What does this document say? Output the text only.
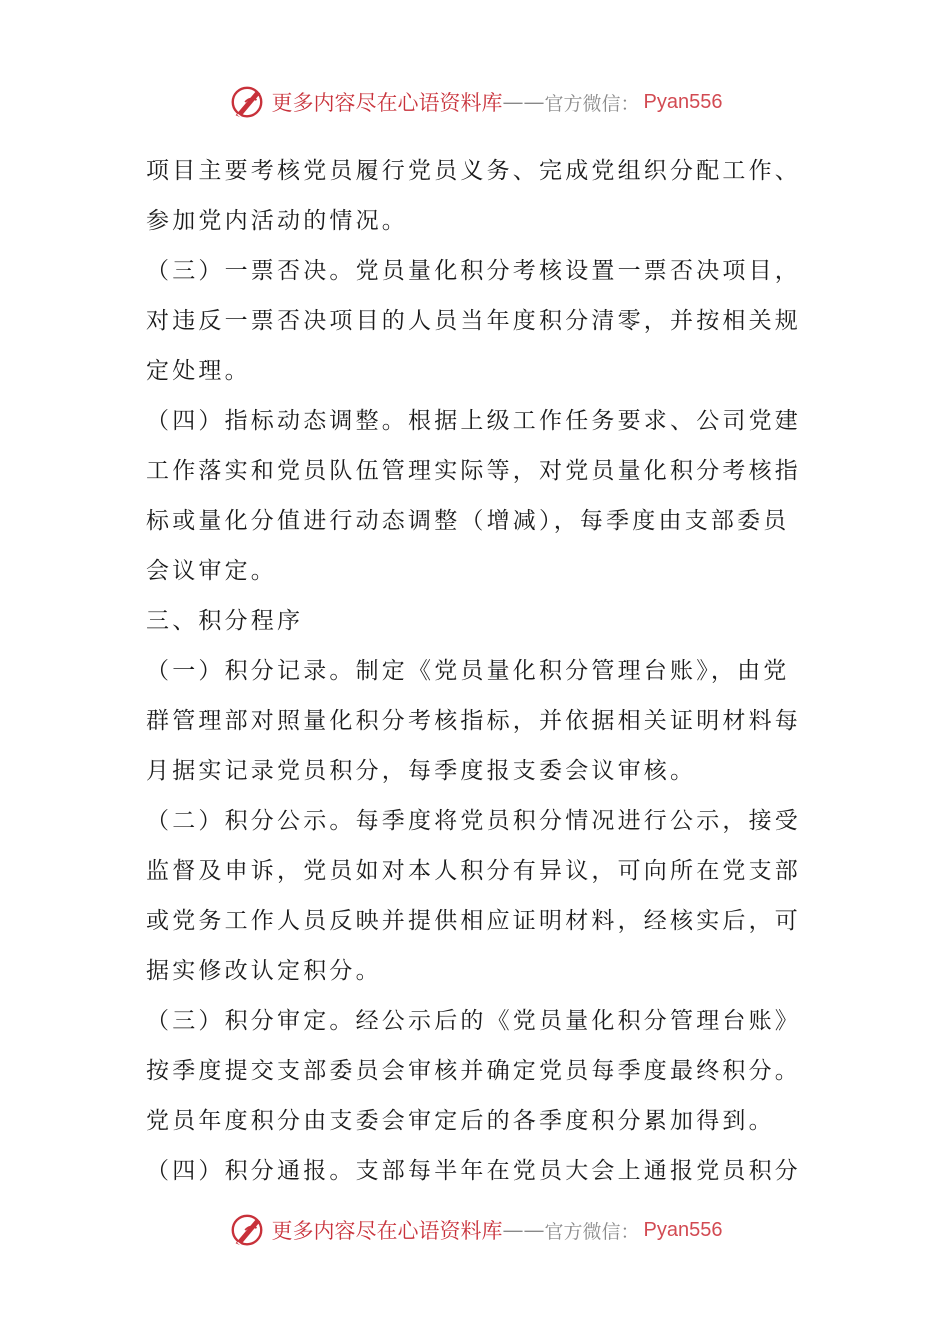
更多内容尽在心语资料库 —— 官方微信： Pyan556
项目主要考核党员履行党员义务、完成党组织分配工作、
参加党内活动的情况。
（三）一票否决。党员量化积分考核设置一票否决项目，
对违反一票否决项目的人员当年度积分清零，并按相关规
定处理。
（四）指标动态调整。根据上级工作任务要求、公司党建
工作落实和党员队伍管理实际等，对党员量化积分考核指
标或量化分值进行动态调整（增减），每季度由支部委员
会议审定。
三、积分程序
（一）积分记录。制定《党员量化积分管理台账》，由党
群管理部对照量化积分考核指标，并依据相关证明材料每
月据实记录党员积分，每季度报支委会议审核。
（二）积分公示。每季度将党员积分情况进行公示，接受
监督及申诉，党员如对本人积分有异议，可向所在党支部
或党务工作人员反映并提供相应证明材料，经核实后，可
据实修改认定积分。
（三）积分审定。经公示后的《党员量化积分管理台账》
按季度提交支部委员会审核并确定党员每季度最终积分。
党员年度积分由支委会审定后的各季度积分累加得到。
（四）积分通报。支部每半年在党员大会上通报党员积分
更多内容尽在心语资料库 —— 官方微信： Pyan556
